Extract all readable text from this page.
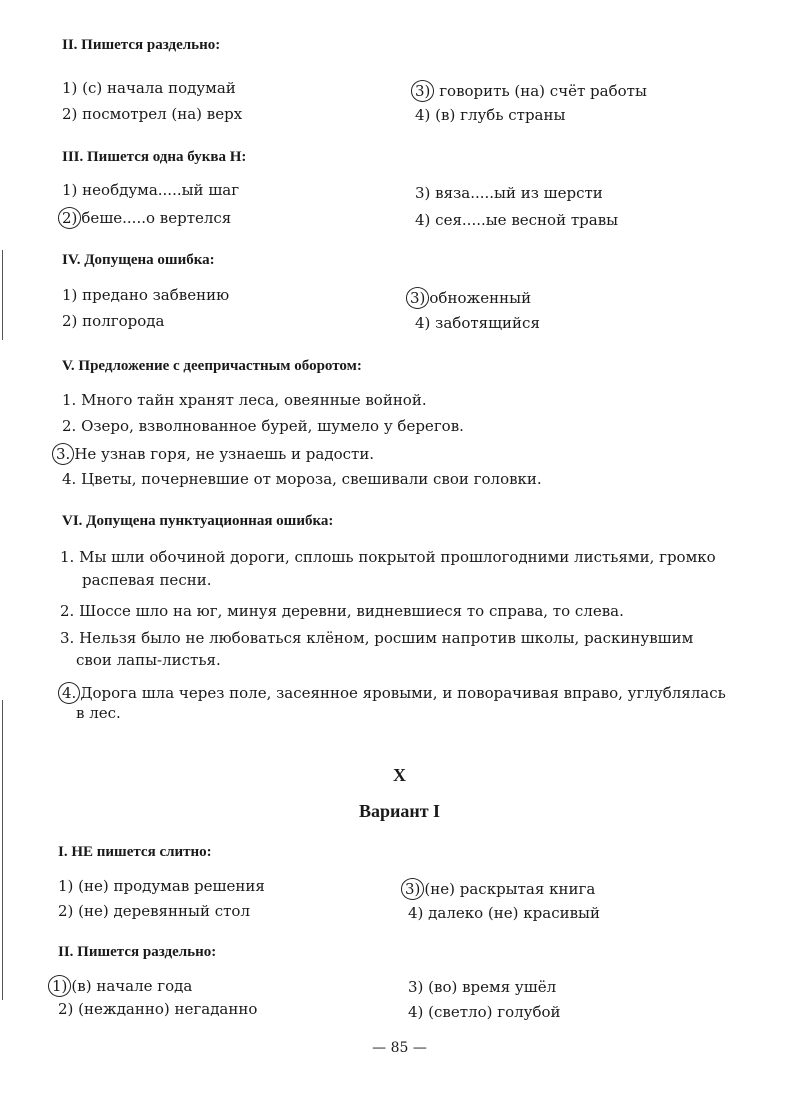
II. Пишется раздельно:
1) (с) начала подумай
2) посмотрел (на) верх
3) говорить (на) счёт работы
4) (в) глубь страны
III. Пишется одна буква Н:
1) необдума.....ый шаг
2) беше.....о вертелся
3) вяза.....ый из шерсти
4) сея.....ые весной травы
IV. Допущена ошибка:
1) предано забвению
2) полгорода
3) обноженный
4) заботящийся
V. Предложение с деепричастным оборотом:
1. Много тайн хранят леса, овеянные войной.
2. Озеро, взволнованное бурей, шумело у берегов.
3. Не узнав горя, не узнаешь и радости.
4. Цветы, почерневшие от мороза, свешивали свои головки.
VI. Допущена пунктуационная ошибка:
1. Мы шли обочиной дороги, сплошь покрытой прошлогодними листьями, громко
распевая песни.
2. Шоссе шло на юг, минуя деревни, видневшиеся то справа, то слева.
3. Нельзя было не любоваться клёном, росшим напротив школы, раскинувшим
свои лапы-листья.
4. Дорога шла через поле, засеянное яровыми, и поворачивая вправо, углублялась
в лес.
X
Вариант I
I. НЕ пишется слитно:
1) (не) продумав решения
2) (не) деревянный стол
3) (не) раскрытая книга
4) далеко (не) красивый
II. Пишется раздельно:
1) (в) начале года
2) (нежданно) негаданно
3) (во) время ушёл
4) (светло) голубой
— 85 —
